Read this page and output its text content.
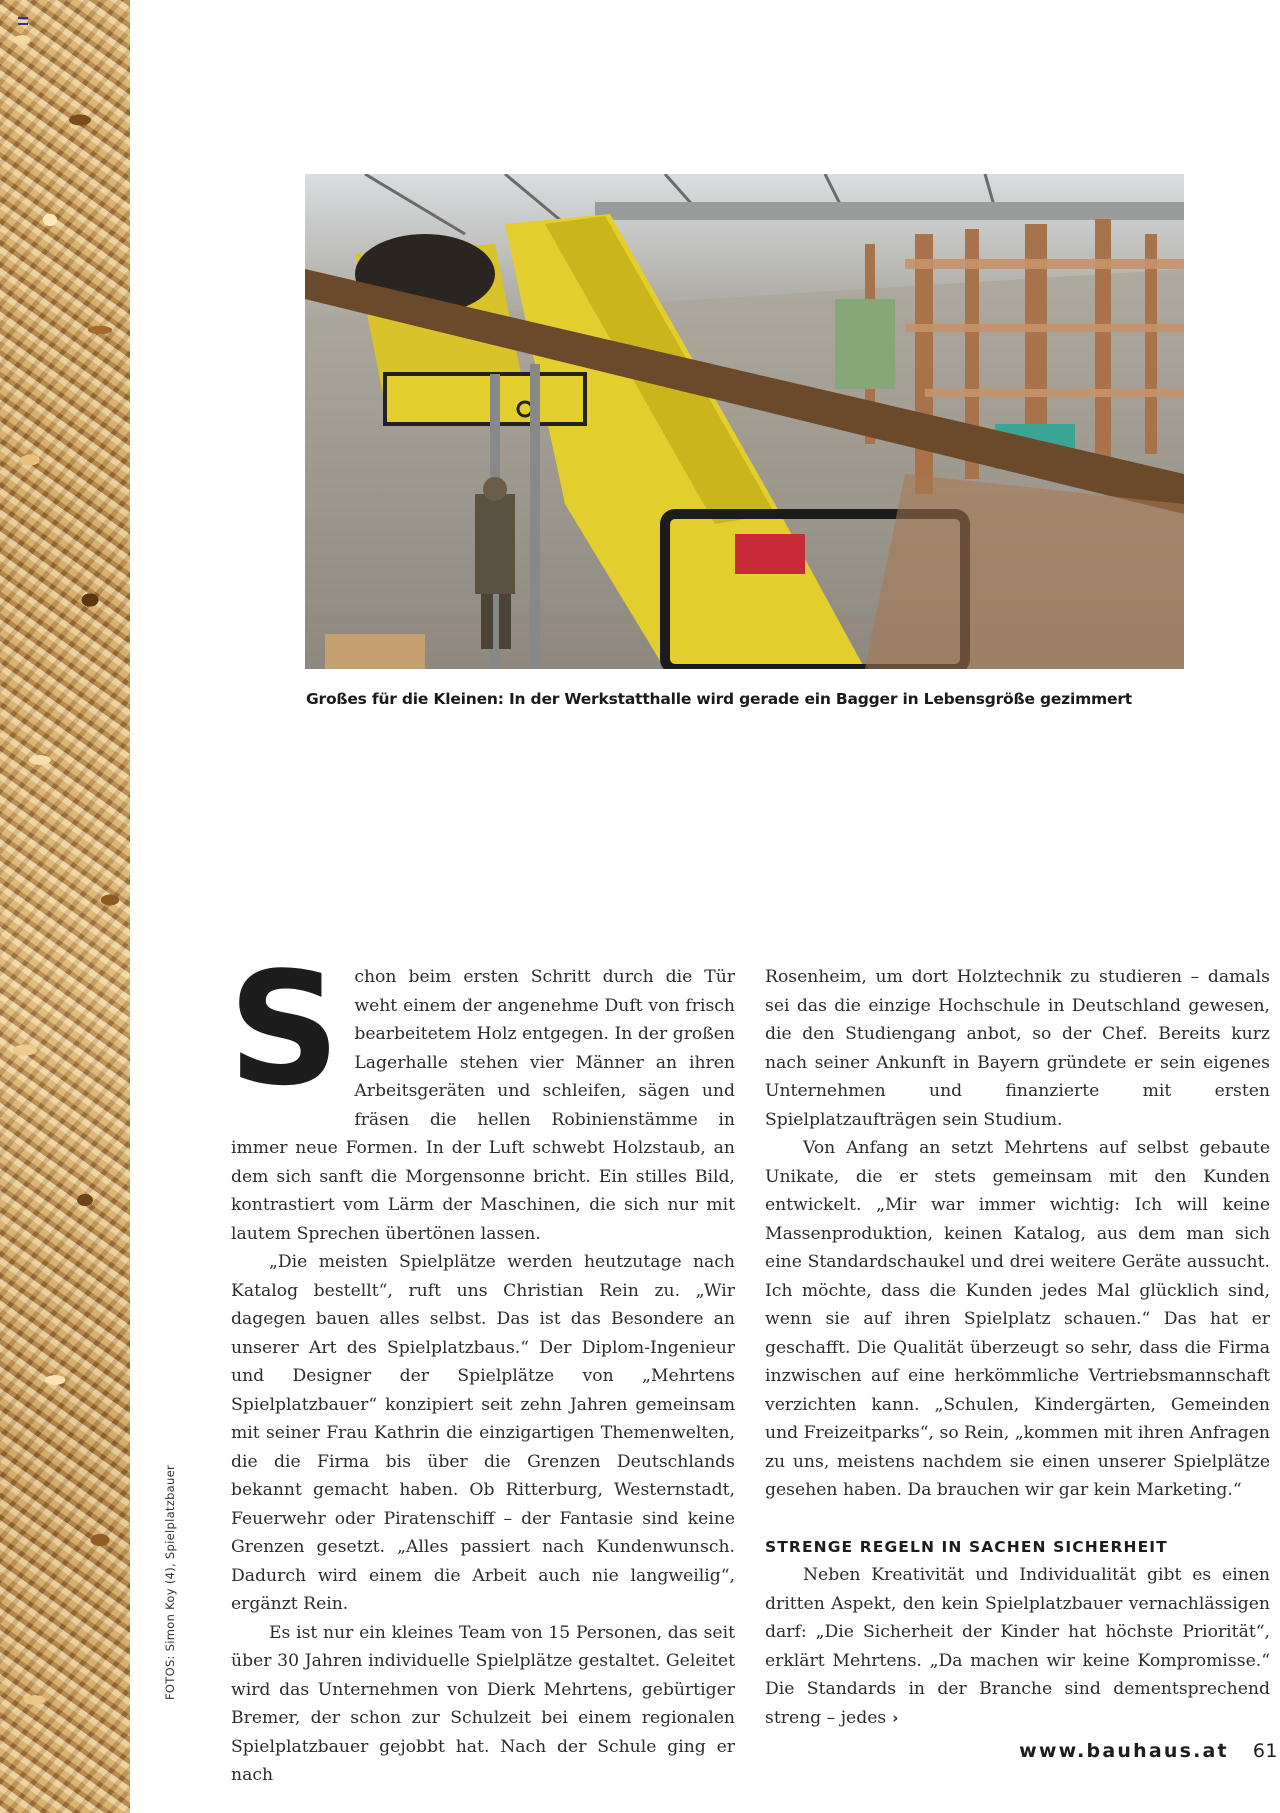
Großes für die Kleinen: In der Werkstatthalle wird gerade ein Bagger in Lebensgröße gezimmert
FOTOS: Simon Koy (4), Spielplatzbauer

Schon beim ersten Schritt durch die Tür weht einem der angenehme Duft von frisch bearbeitetem Holz entgegen. In der großen Lagerhalle stehen vier Männer an ihren Arbeitsgeräten und schleifen, sägen und fräsen die hellen Robinienstämme in immer neue Formen. In der Luft schwebt Holzstaub, an dem sich sanft die Morgensonne bricht. Ein stilles Bild, kontrastiert vom Lärm der Maschinen, die sich nur mit lautem Sprechen übertönen lassen.

„Die meisten Spielplätze werden heutzutage nach Katalog bestellt“, ruft uns Christian Rein zu. „Wir dagegen bauen alles selbst. Das ist das Besondere an unserer Art des Spielplatzbaus.“ Der Diplom-Ingenieur und Designer der Spielplätze von „Mehrtens Spielplatzbauer“ konzipiert seit zehn Jahren gemeinsam mit seiner Frau Kathrin die einzigartigen Themenwelten, die die Firma bis über die Grenzen Deutschlands bekannt gemacht haben. Ob Ritterburg, Westernstadt, Feuerwehr oder Piratenschiff – der Fantasie sind keine Grenzen gesetzt. „Alles passiert nach Kundenwunsch. Dadurch wird einem die Arbeit auch nie langweilig“, ergänzt Rein.

Es ist nur ein kleines Team von 15 Personen, das seit über 30 Jahren individuelle Spielplätze gestaltet. Geleitet wird das Unternehmen von Dierk Mehrtens, gebürtiger Bremer, der schon zur Schulzeit bei einem regionalen Spielplatzbauer gejobbt hat. Nach der Schule ging er nach

Rosenheim, um dort Holztechnik zu studieren – damals sei das die einzige Hochschule in Deutschland gewesen, die den Studiengang anbot, so der Chef. Bereits kurz nach seiner Ankunft in Bayern gründete er sein eigenes Unternehmen und finanzierte mit ersten Spielplatzaufträgen sein Studium.

Von Anfang an setzt Mehrtens auf selbst gebaute Unikate, die er stets gemeinsam mit den Kunden entwickelt. „Mir war immer wichtig: Ich will keine Massenproduktion, keinen Katalog, aus dem man sich eine Standardschaukel und drei weitere Geräte aussucht. Ich möchte, dass die Kunden jedes Mal glücklich sind, wenn sie auf ihren Spielplatz schauen.“ Das hat er geschafft. Die Qualität überzeugt so sehr, dass die Firma inzwischen auf eine herkömmliche Vertriebsmannschaft verzichten kann. „Schulen, Kindergärten, Gemeinden und Freizeitparks“, so Rein, „kommen mit ihren Anfragen zu uns, meistens nachdem sie einen unserer Spielplätze gesehen haben. Da brauchen wir gar kein Marketing.“

STRENGE REGELN IN SACHEN SICHERHEIT

Neben Kreativität und Individualität gibt es einen dritten Aspekt, den kein Spielplatzbauer vernachlässigen darf: „Die Sicherheit der Kinder hat höchste Priorität“, erklärt Mehrtens. „Da machen wir keine Kompromisse.“ Die Standards in der Branche sind dementsprechend streng – jedes ›

www.bauhaus.at 61
